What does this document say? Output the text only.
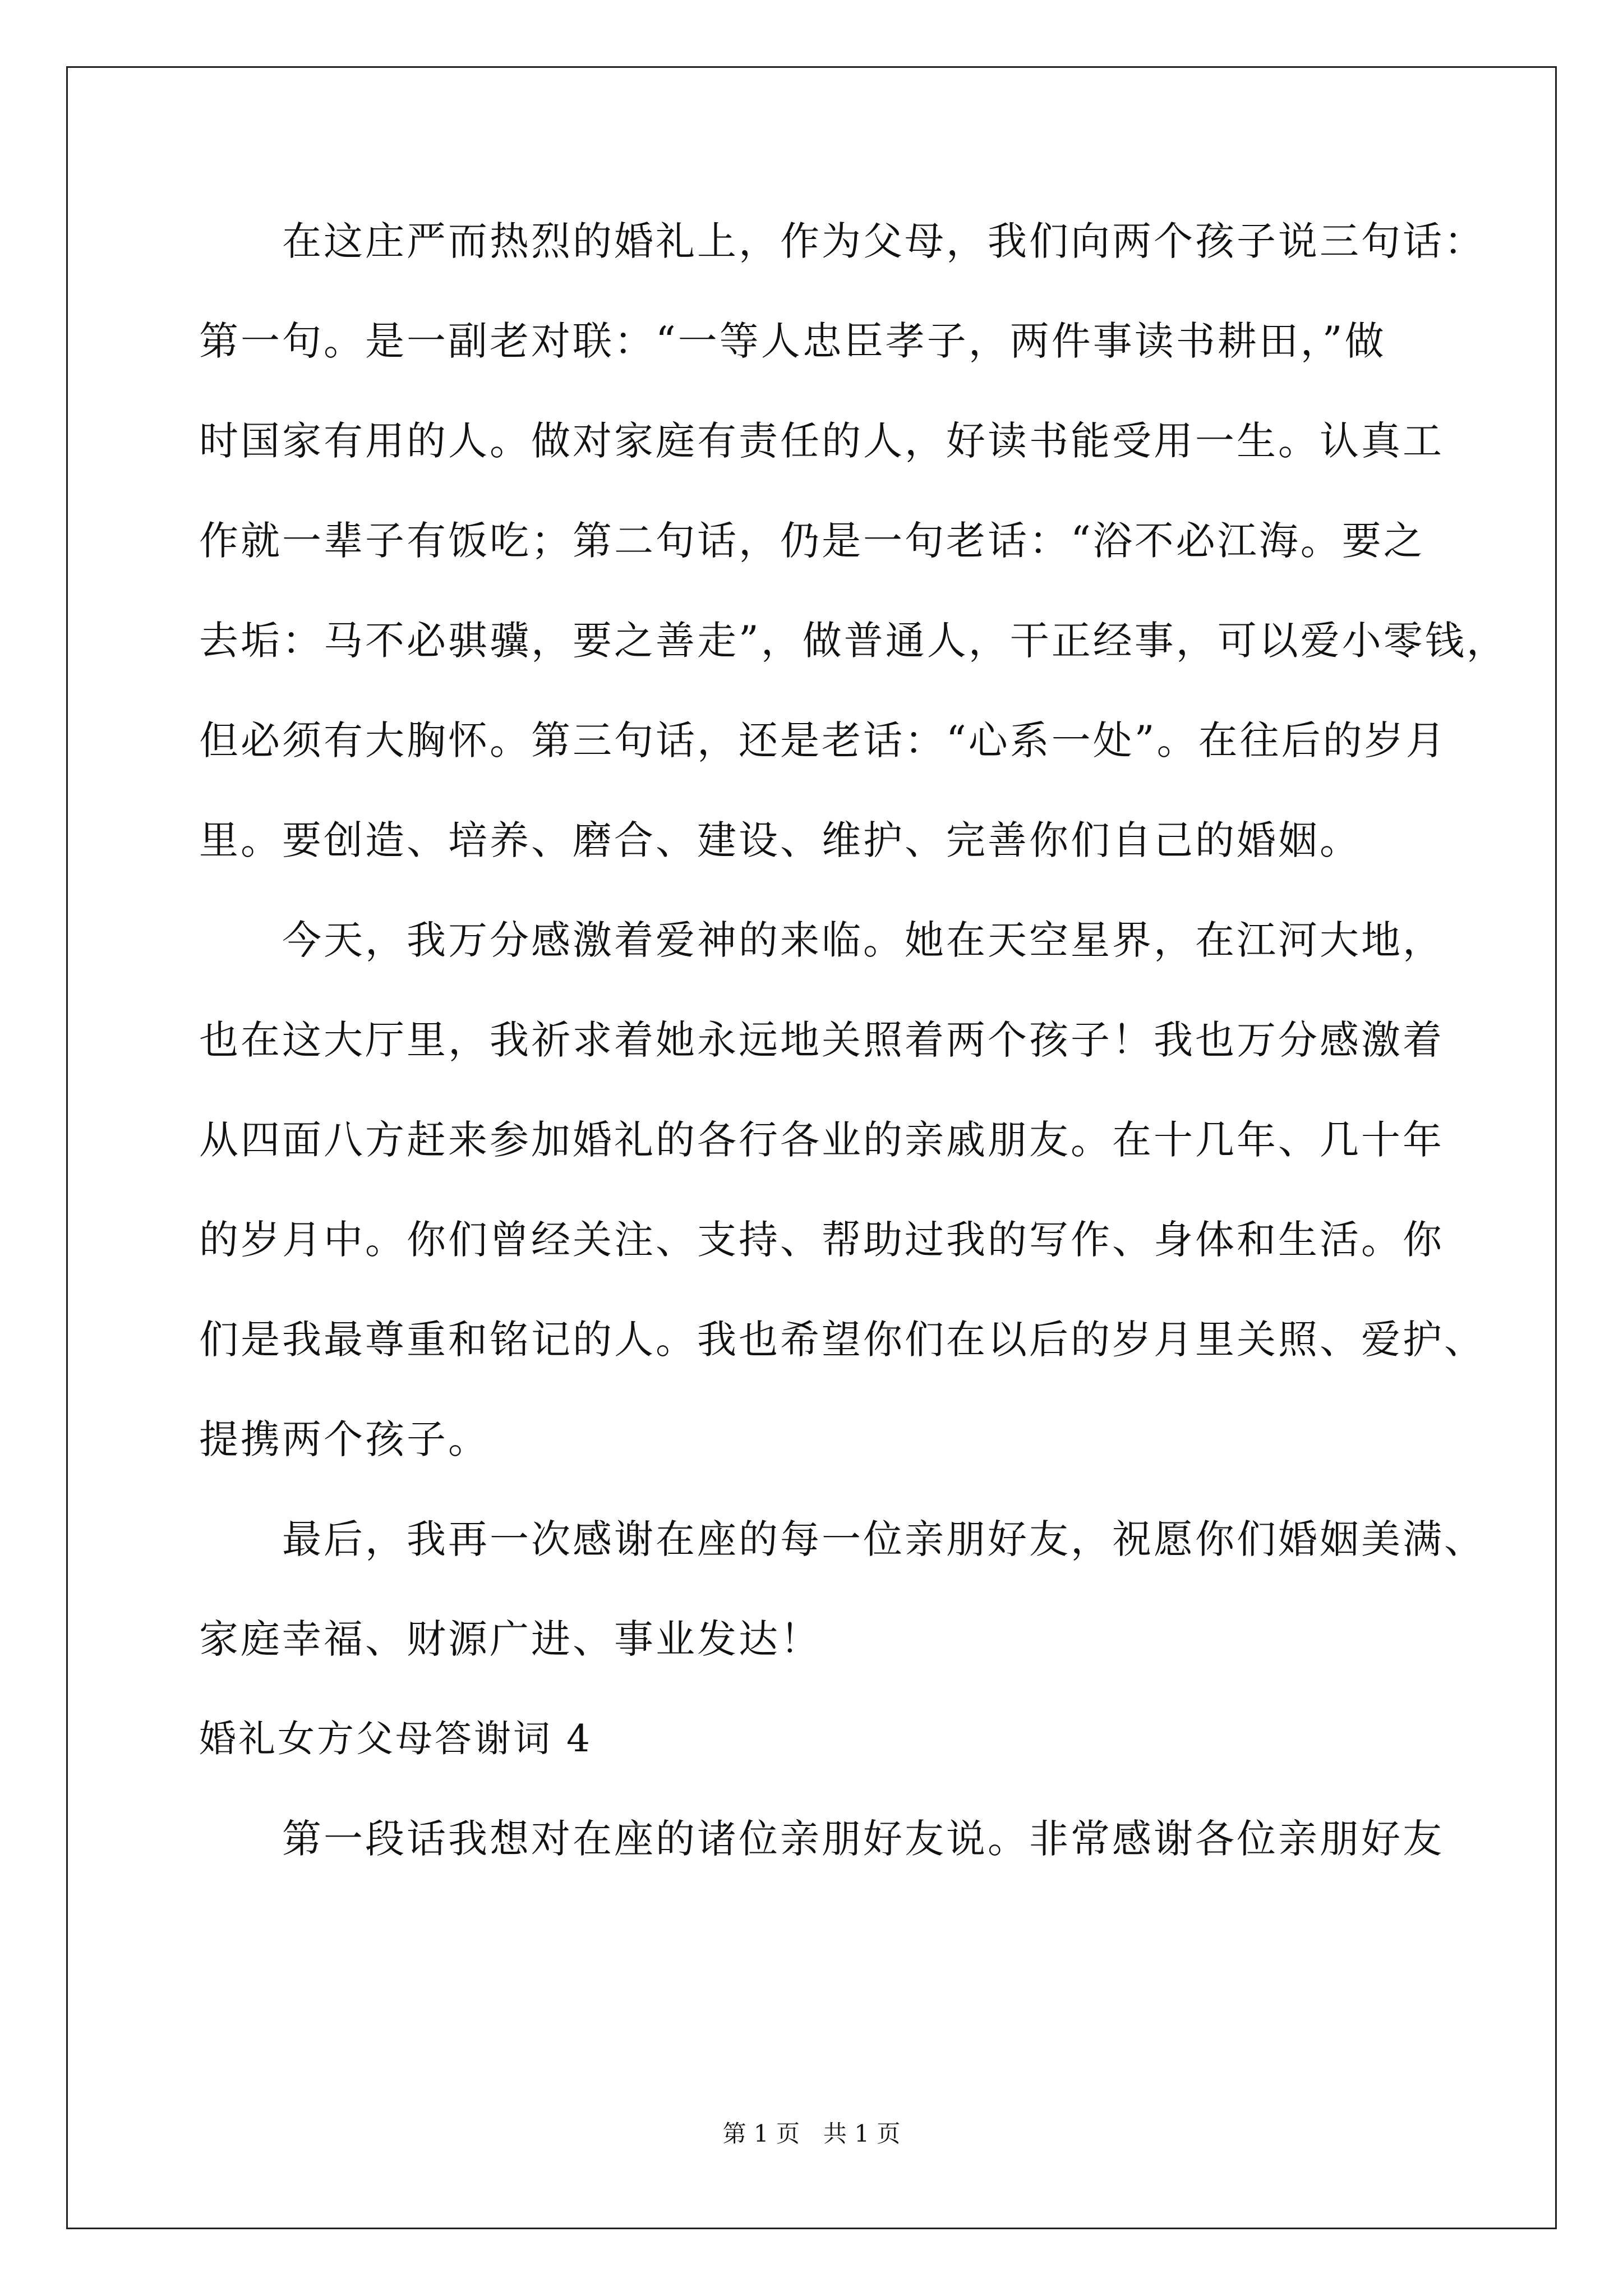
在这庄严而热烈的婚礼上，作为父母，我们向两个孩子说三句话：
第一句。是一副老对联：“一等人忠臣孝子，两件事读书耕田，”做
时国家有用的人。做对家庭有责任的人，好读书能受用一生。认真工
作就一辈子有饭吃；第二句话，仍是一句老话：“浴不必江海。要之
去垢：马不必骐骥，要之善走”，做普通人，干正经事，可以爱小零钱，
但必须有大胸怀。第三句话，还是老话：“心系一处”。在往后的岁月
里。要创造、培养、磨合、建设、维护、完善你们自己的婚姻。
今天，我万分感激着爱神的来临。她在天空星界，在江河大地，
也在这大厅里，我祈求着她永远地关照着两个孩子！我也万分感激着
从四面八方赶来参加婚礼的各行各业的亲戚朋友。在十几年、几十年
的岁月中。你们曾经关注、支持、帮助过我的写作、身体和生活。你
们是我最尊重和铭记的人。我也希望你们在以后的岁月里关照、爱护、
提携两个孩子。
最后，我再一次感谢在座的每一位亲朋好友，祝愿你们婚姻美满、
家庭幸福、财源广进、事业发达！
婚礼女方父母答谢词 4
第一段话我想对在座的诸位亲朋好友说。非常感谢各位亲朋好友
第 1 页　共 1 页
